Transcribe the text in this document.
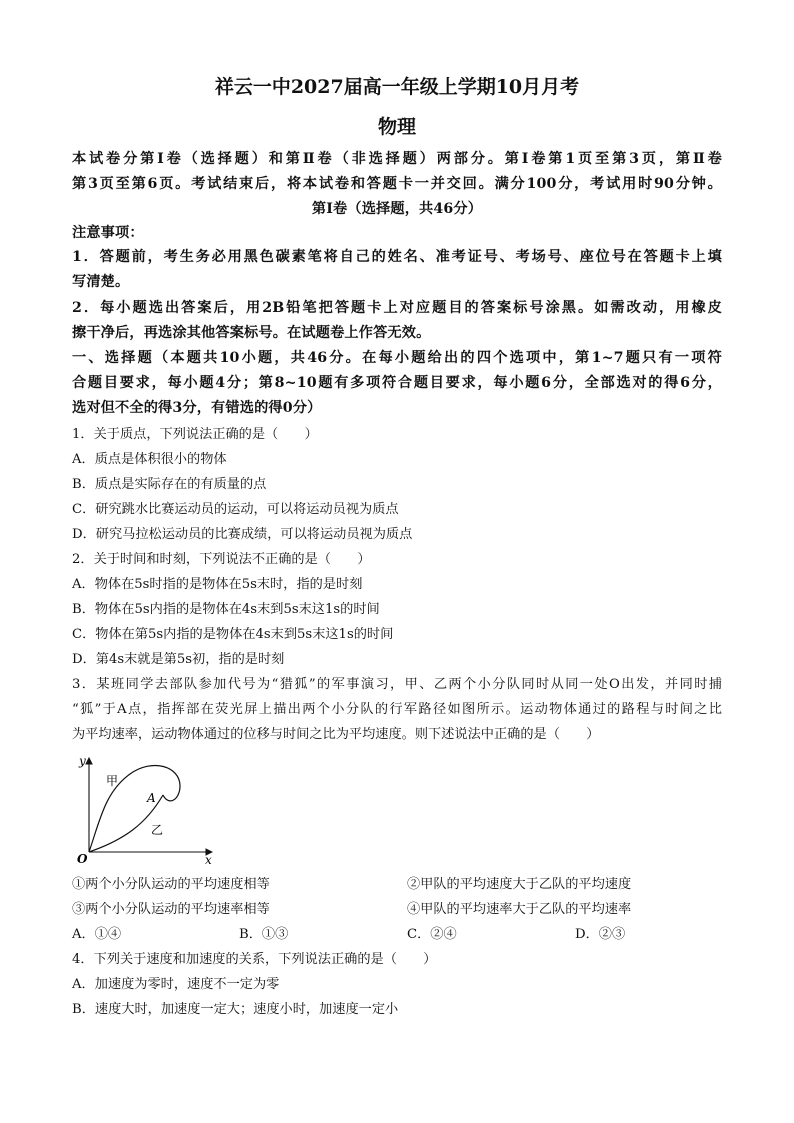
祥云一中2027届高一年级上学期10月月考
物理
本试卷分第Ⅰ卷（选择题）和第Ⅱ卷（非选择题）两部分。第Ⅰ卷第1页至第3页，第Ⅱ卷
第3页至第6页。考试结束后，将本试卷和答题卡一并交回。满分100分，考试用时90分钟。
第Ⅰ卷（选择题，共46分）
注意事项：
1．答题前，考生务必用黑色碳素笔将自己的姓名、准考证号、考场号、座位号在答题卡上填
写清楚。
2．每小题选出答案后，用2B铅笔把答题卡上对应题目的答案标号涂黑。如需改动，用橡皮
擦干净后，再选涂其他答案标号。在试题卷上作答无效。
一、选择题（本题共10小题，共46分。在每小题给出的四个选项中，第1~7题只有一项符
合题目要求，每小题4分；第8~10题有多项符合题目要求，每小题6分，全部选对的得6分，
选对但不全的得3分，有错选的得0分）
1．关于质点，下列说法正确的是（　　）
A．质点是体积很小的物体
B．质点是实际存在的有质量的点
C．研究跳水比赛运动员的运动，可以将运动员视为质点
D．研究马拉松运动员的比赛成绩，可以将运动员视为质点
2．关于时间和时刻，下列说法不正确的是（　　）
A．物体在5s时指的是物体在5s末时，指的是时刻
B．物体在5s内指的是物体在4s末到5s末这1s的时间
C．物体在第5s内指的是物体在4s末到5s末这1s的时间
D．第4s末就是第5s初，指的是时刻
3．某班同学去部队参加代号为“猎狐”的军事演习，甲、乙两个小分队同时从同一处O出发，并同时捕
“狐”于A点，指挥部在荧光屏上描出两个小分队的行军路径如图所示。运动物体通过的路程与时间之比
为平均速率，运动物体通过的位移与时间之比为平均速度。则下述说法中正确的是（　　）
y
x
O
A
甲
乙
①两个小分队运动的平均速度相等	②甲队的平均速度大于乙队的平均速度
③两个小分队运动的平均速率相等	④甲队的平均速率大于乙队的平均速率
A．①④	B．①③	C．②④	D．②③
4．下列关于速度和加速度的关系，下列说法正确的是（　　）
A．加速度为零时，速度不一定为零
B．速度大时，加速度一定大；速度小时，加速度一定小
